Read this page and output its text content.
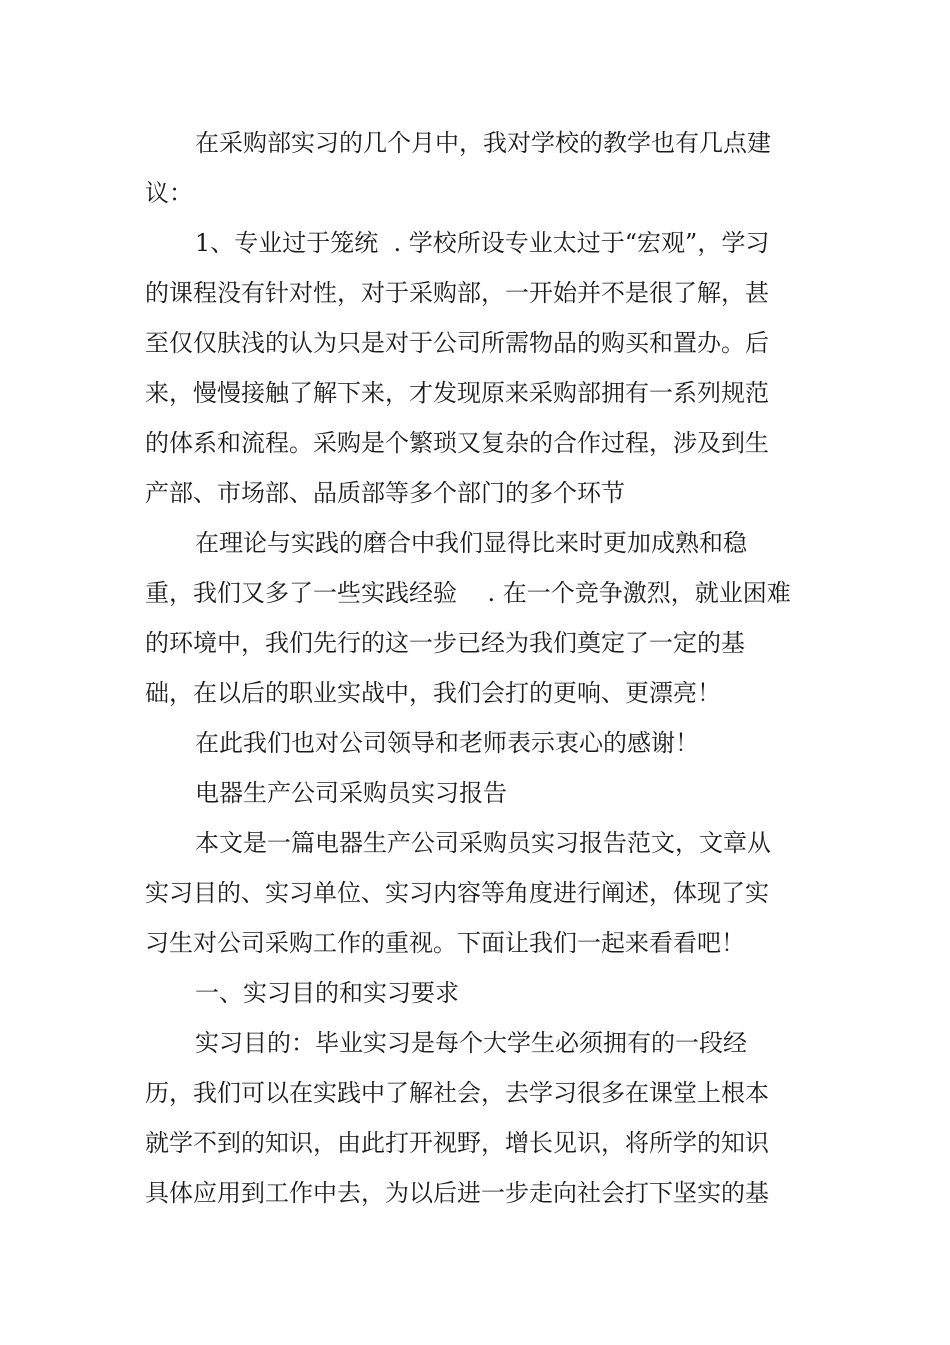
在采购部实习的几个月中，我对学校的教学也有几点建
议：
1、专业过于笼统  . 学校所设专业太过于“宏观”，学习
的课程没有针对性，对于采购部，一开始并不是很了解，甚
至仅仅肤浅的认为只是对于公司所需物品的购买和置办。后
来，慢慢接触了解下来，才发现原来采购部拥有一系列规范
的体系和流程。采购是个繁琐又复杂的合作过程，涉及到生
产部、市场部、品质部等多个部门的多个环节
在理论与实践的磨合中我们显得比来时更加成熟和稳
重，我们又多了一些实践经验    . 在一个竞争激烈，就业困难
的环境中，我们先行的这一步已经为我们奠定了一定的基
础，在以后的职业实战中，我们会打的更响、更漂亮！
在此我们也对公司领导和老师表示衷心的感谢！
电器生产公司采购员实习报告
本文是一篇电器生产公司采购员实习报告范文，文章从
实习目的、实习单位、实习内容等角度进行阐述，体现了实
习生对公司采购工作的重视。下面让我们一起来看看吧！
一、实习目的和实习要求
实习目的：毕业实习是每个大学生必须拥有的一段经
历，我们可以在实践中了解社会，去学习很多在课堂上根本
就学不到的知识，由此打开视野，增长见识，将所学的知识
具体应用到工作中去，为以后进一步走向社会打下坚实的基
